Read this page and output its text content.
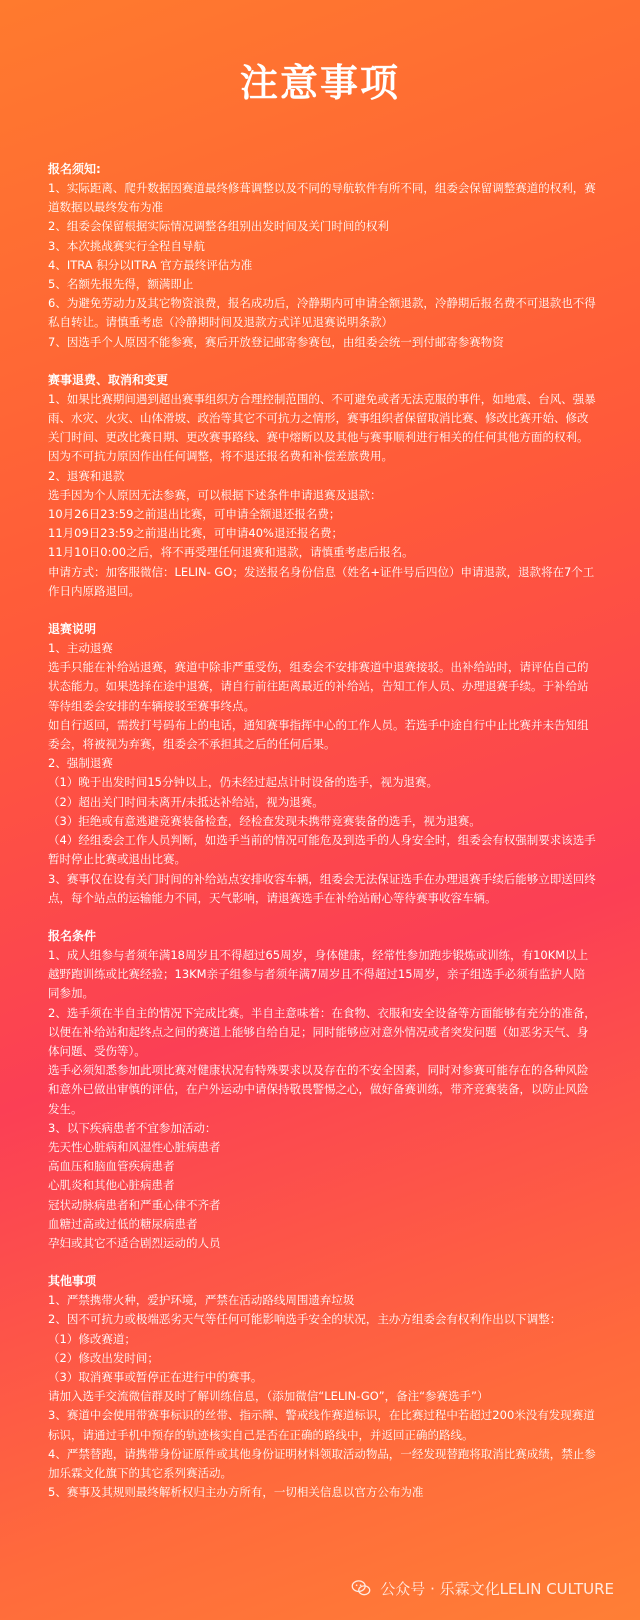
注意事项

报名须知:

1、实际距离、爬升数据因赛道最终修葺调整以及不同的导航软件有所不同，组委会保留调整赛道的权利，赛道数据以最终发布为准

2、组委会保留根据实际情况调整各组别出发时间及关门时间的权利

3、本次挑战赛实行全程自导航

4、ITRA 积分以ITRA 官方最终评估为准

5、名额先报先得，额满即止

6、为避免劳动力及其它物资浪费，报名成功后，冷静期内可申请全额退款，冷静期后报名费不可退款也不得私自转让。请慎重考虑（冷静期时间及退款方式详见退赛说明条款）

7、因选手个人原因不能参赛，赛后开放登记邮寄参赛包，由组委会统一到付邮寄参赛物资

赛事退费、取消和变更

1、如果比赛期间遇到超出赛事组织方合理控制范围的、不可避免或者无法克服的事件，如地震、台风、强暴雨、水灾、火灾、山体滑坡、政治等其它不可抗力之情形，赛事组织者保留取消比赛、修改比赛开始、修改关门时间、更改比赛日期、更改赛事路线、赛中熔断以及其他与赛事顺利进行相关的任何其他方面的权利。因为不可抗力原因作出任何调整，将不退还报名费和补偿差旅费用。

2、退赛和退款

选手因为个人原因无法参赛，可以根据下述条件申请退赛及退款：

10月26日23:59之前退出比赛，可申请全额退还报名费；

11月09日23:59之前退出比赛，可申请40%退还报名费；

11月10日0:00之后，将不再受理任何退赛和退款，请慎重考虑后报名。

申请方式：加客服微信：LELIN- GO；发送报名身份信息（姓名+证件号后四位）申请退款，退款将在7个工作日内原路退回。

退赛说明

1、主动退赛

选手只能在补给站退赛，赛道中除非严重受伤，组委会不安排赛道中退赛接驳。出补给站时，请评估自己的状态能力。如果选择在途中退赛，请自行前往距离最近的补给站，告知工作人员、办理退赛手续。于补给站等待组委会安排的车辆接驳至赛事终点。

如自行返回，需拨打号码布上的电话，通知赛事指挥中心的工作人员。若选手中途自行中止比赛并未告知组委会，将被视为弃赛，组委会不承担其之后的任何后果。

2、强制退赛

（1）晚于出发时间15分钟以上，仍未经过起点计时设备的选手，视为退赛。

（2）超出关门时间未离开/未抵达补给站，视为退赛。

（3）拒绝或有意逃避竞赛装备检查，经检查发现未携带竞赛装备的选手，视为退赛。

（4）经组委会工作人员判断，如选手当前的情况可能危及到选手的人身安全时，组委会有权强制要求该选手暂时停止比赛或退出比赛。

3、赛事仅在设有关门时间的补给站点安排收容车辆，组委会无法保证选手在办理退赛手续后能够立即送回终点，每个站点的运输能力不同，天气影响，请退赛选手在补给站耐心等待赛事收容车辆。

报名条件

1、成人组参与者须年满18周岁且不得超过65周岁，身体健康，经常性参加跑步锻炼或训练，有10KM以上越野跑训练或比赛经验；13KM亲子组参与者须年满7周岁且不得超过15周岁，亲子组选手必须有监护人陪同参加。

2、选手须在半自主的情况下完成比赛。半自主意味着：在食物、衣服和安全设备等方面能够有充分的准备，以便在补给站和起终点之间的赛道上能够自给自足；同时能够应对意外情况或者突发问题（如恶劣天气、身体问题、受伤等）。

选手必须知悉参加此项比赛对健康状况有特殊要求以及存在的不安全因素，同时对参赛可能存在的各种风险和意外已做出审慎的评估，在户外运动中请保持敬畏警惕之心，做好备赛训练，带齐竞赛装备，以防止风险发生。

3、以下疾病患者不宜参加活动：

先天性心脏病和风湿性心脏病患者

高血压和脑血管疾病患者

心肌炎和其他心脏病患者

冠状动脉病患者和严重心律不齐者

血糖过高或过低的糖尿病患者

孕妇或其它不适合剧烈运动的人员

其他事项

1、严禁携带火种，爱护环境，严禁在活动路线周围遗弃垃圾

2、因不可抗力或极端恶劣天气等任何可能影响选手安全的状况，主办方组委会有权利作出以下调整：

（1）修改赛道；

（2）修改出发时间；

（3）取消赛事或暂停正在进行中的赛事。

请加入选手交流微信群及时了解训练信息，（添加微信“LELIN-GO”，备注“参赛选手”）

3、赛道中会使用带赛事标识的丝带、指示牌、警戒线作赛道标识，在比赛过程中若超过200米没有发现赛道标识，请通过手机中预存的轨迹核实自己是否在正确的路线中，并返回正确的路线。

4、严禁替跑，请携带身份证原件或其他身份证明材料领取活动物品，一经发现替跑将取消比赛成绩，禁止参加乐霖文化旗下的其它系列赛活动。

5、赛事及其规则最终解析权归主办方所有，一切相关信息以官方公布为准

公众号 · 乐霖文化LELIN CULTURE
